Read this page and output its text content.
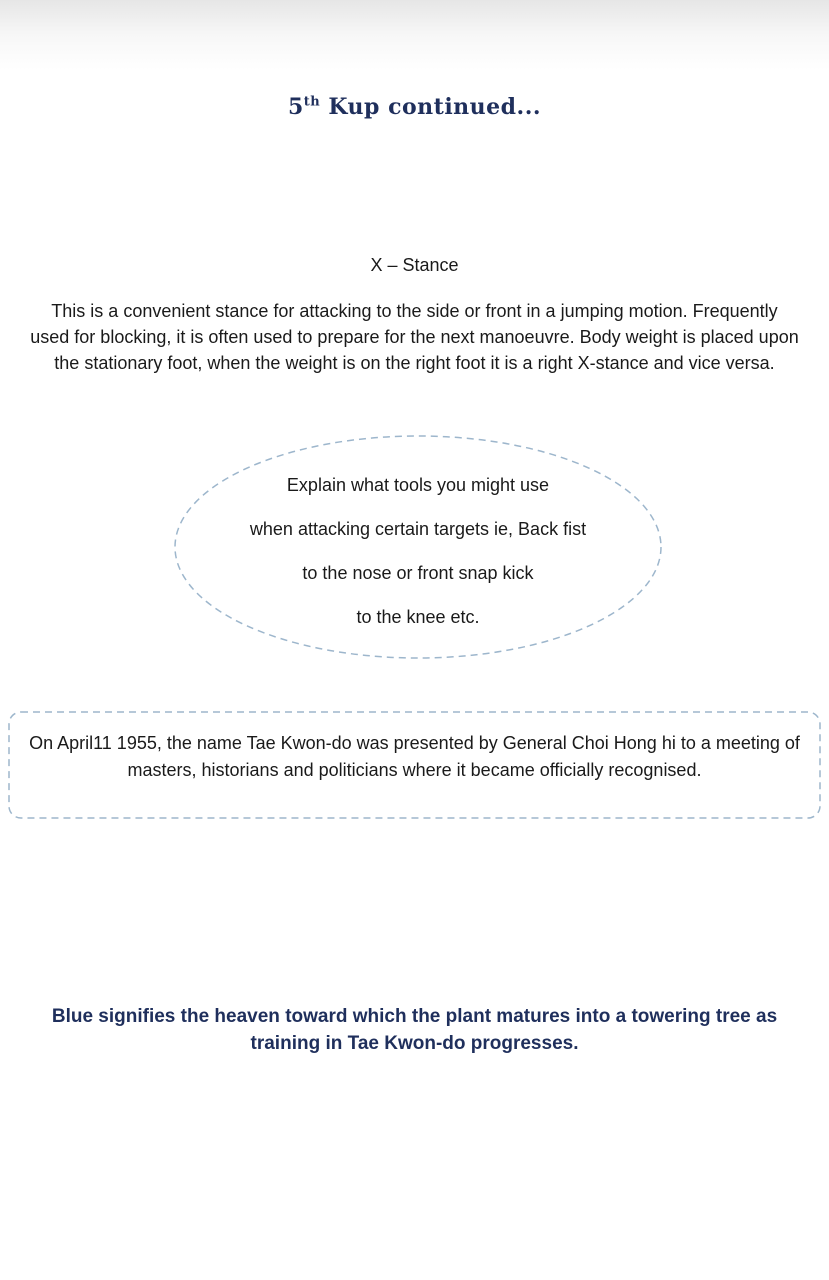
5th Kup continued...
X – Stance

This is a convenient stance for attacking to the side or front in a jumping motion. Frequently used for blocking, it is often used to prepare for the next manoeuvre. Body weight is placed upon the stationary foot, when the weight is on the right foot it is a right X-stance and vice versa.

Explain what tools you might use
when attacking certain targets ie, Back fist
to the nose or front snap kick
to the knee etc.

On April11 1955, the name Tae Kwon-do was presented by General Choi Hong hi to a meeting of masters, historians and politicians where it became officially recognised.

Blue signifies the heaven toward which the plant matures into a towering tree as training in Tae Kwon-do progresses.
